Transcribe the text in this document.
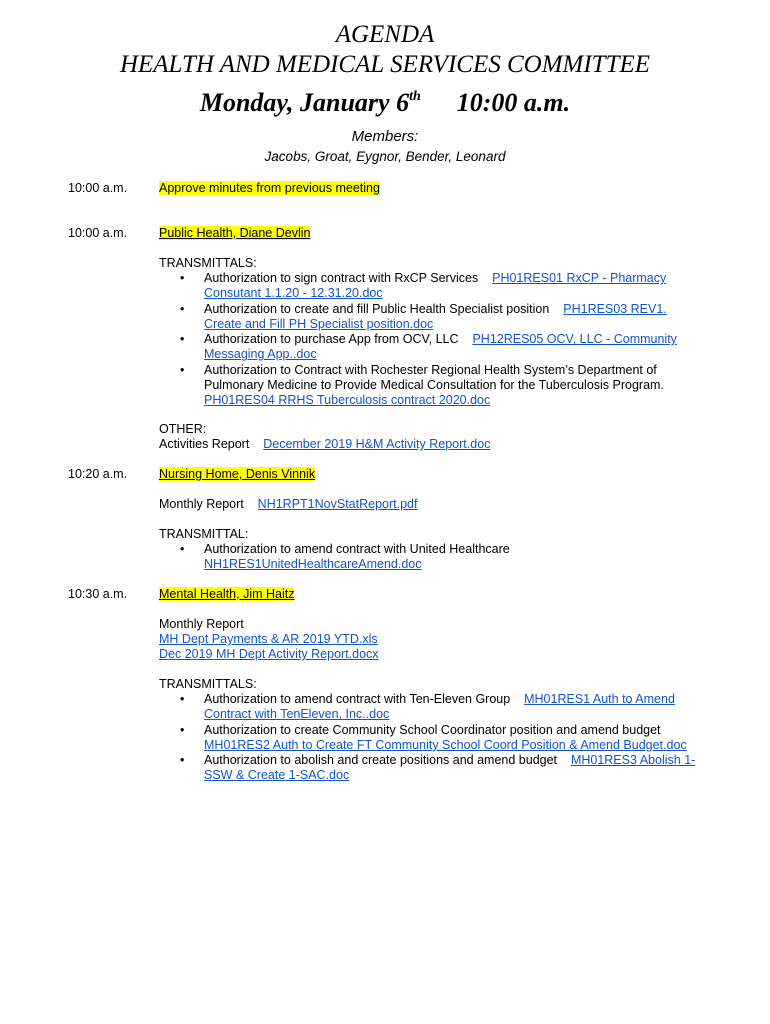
AGENDA
HEALTH AND MEDICAL SERVICES COMMITTEE
Monday, January 6th 10:00 a.m.
Members:
Jacobs, Groat, Eygnor, Bender, Leonard
10:00 a.m.	Approve minutes from previous meeting
10:00 a.m.	Public Health, Diane Devlin
TRANSMITTALS:
• Authorization to sign contract with RxCP Services PH01RES01 RxCP - Pharmacy
Consutant 1.1.20 - 12.31.20.doc
• Authorization to create and fill Public Health Specialist position PH1RES03 REV1.
Create and Fill PH Specialist position.doc
• Authorization to purchase App from OCV, LLC PH12RES05 OCV, LLC - Community
Messaging App..doc
• Authorization to Contract with Rochester Regional Health System’s Department of
Pulmonary Medicine to Provide Medical Consultation for the Tuberculosis Program.
PH01RES04 RRHS Tuberculosis contract 2020.doc
OTHER:
Activities Report December 2019 H&M Activity Report.doc
10:20 a.m.	Nursing Home, Denis Vinnik
Monthly Report NH1RPT1NovStatReport.pdf
TRANSMITTAL:
• Authorization to amend contract with United Healthcare
NH1RES1UnitedHealthcareAmend.doc
10:30 a.m.	Mental Health, Jim Haitz
Monthly Report
MH Dept Payments & AR 2019 YTD.xls
Dec 2019 MH Dept Activity Report.docx
TRANSMITTALS:
• Authorization to amend contract with Ten-Eleven Group MH01RES1 Auth to Amend
Contract with TenEleven, Inc..doc
• Authorization to create Community School Coordinator position and amend budget
MH01RES2 Auth to Create FT Community School Coord Position & Amend Budget.doc
• Authorization to abolish and create positions and amend budget MH01RES3 Abolish 1-
SSW & Create 1-SAC.doc
